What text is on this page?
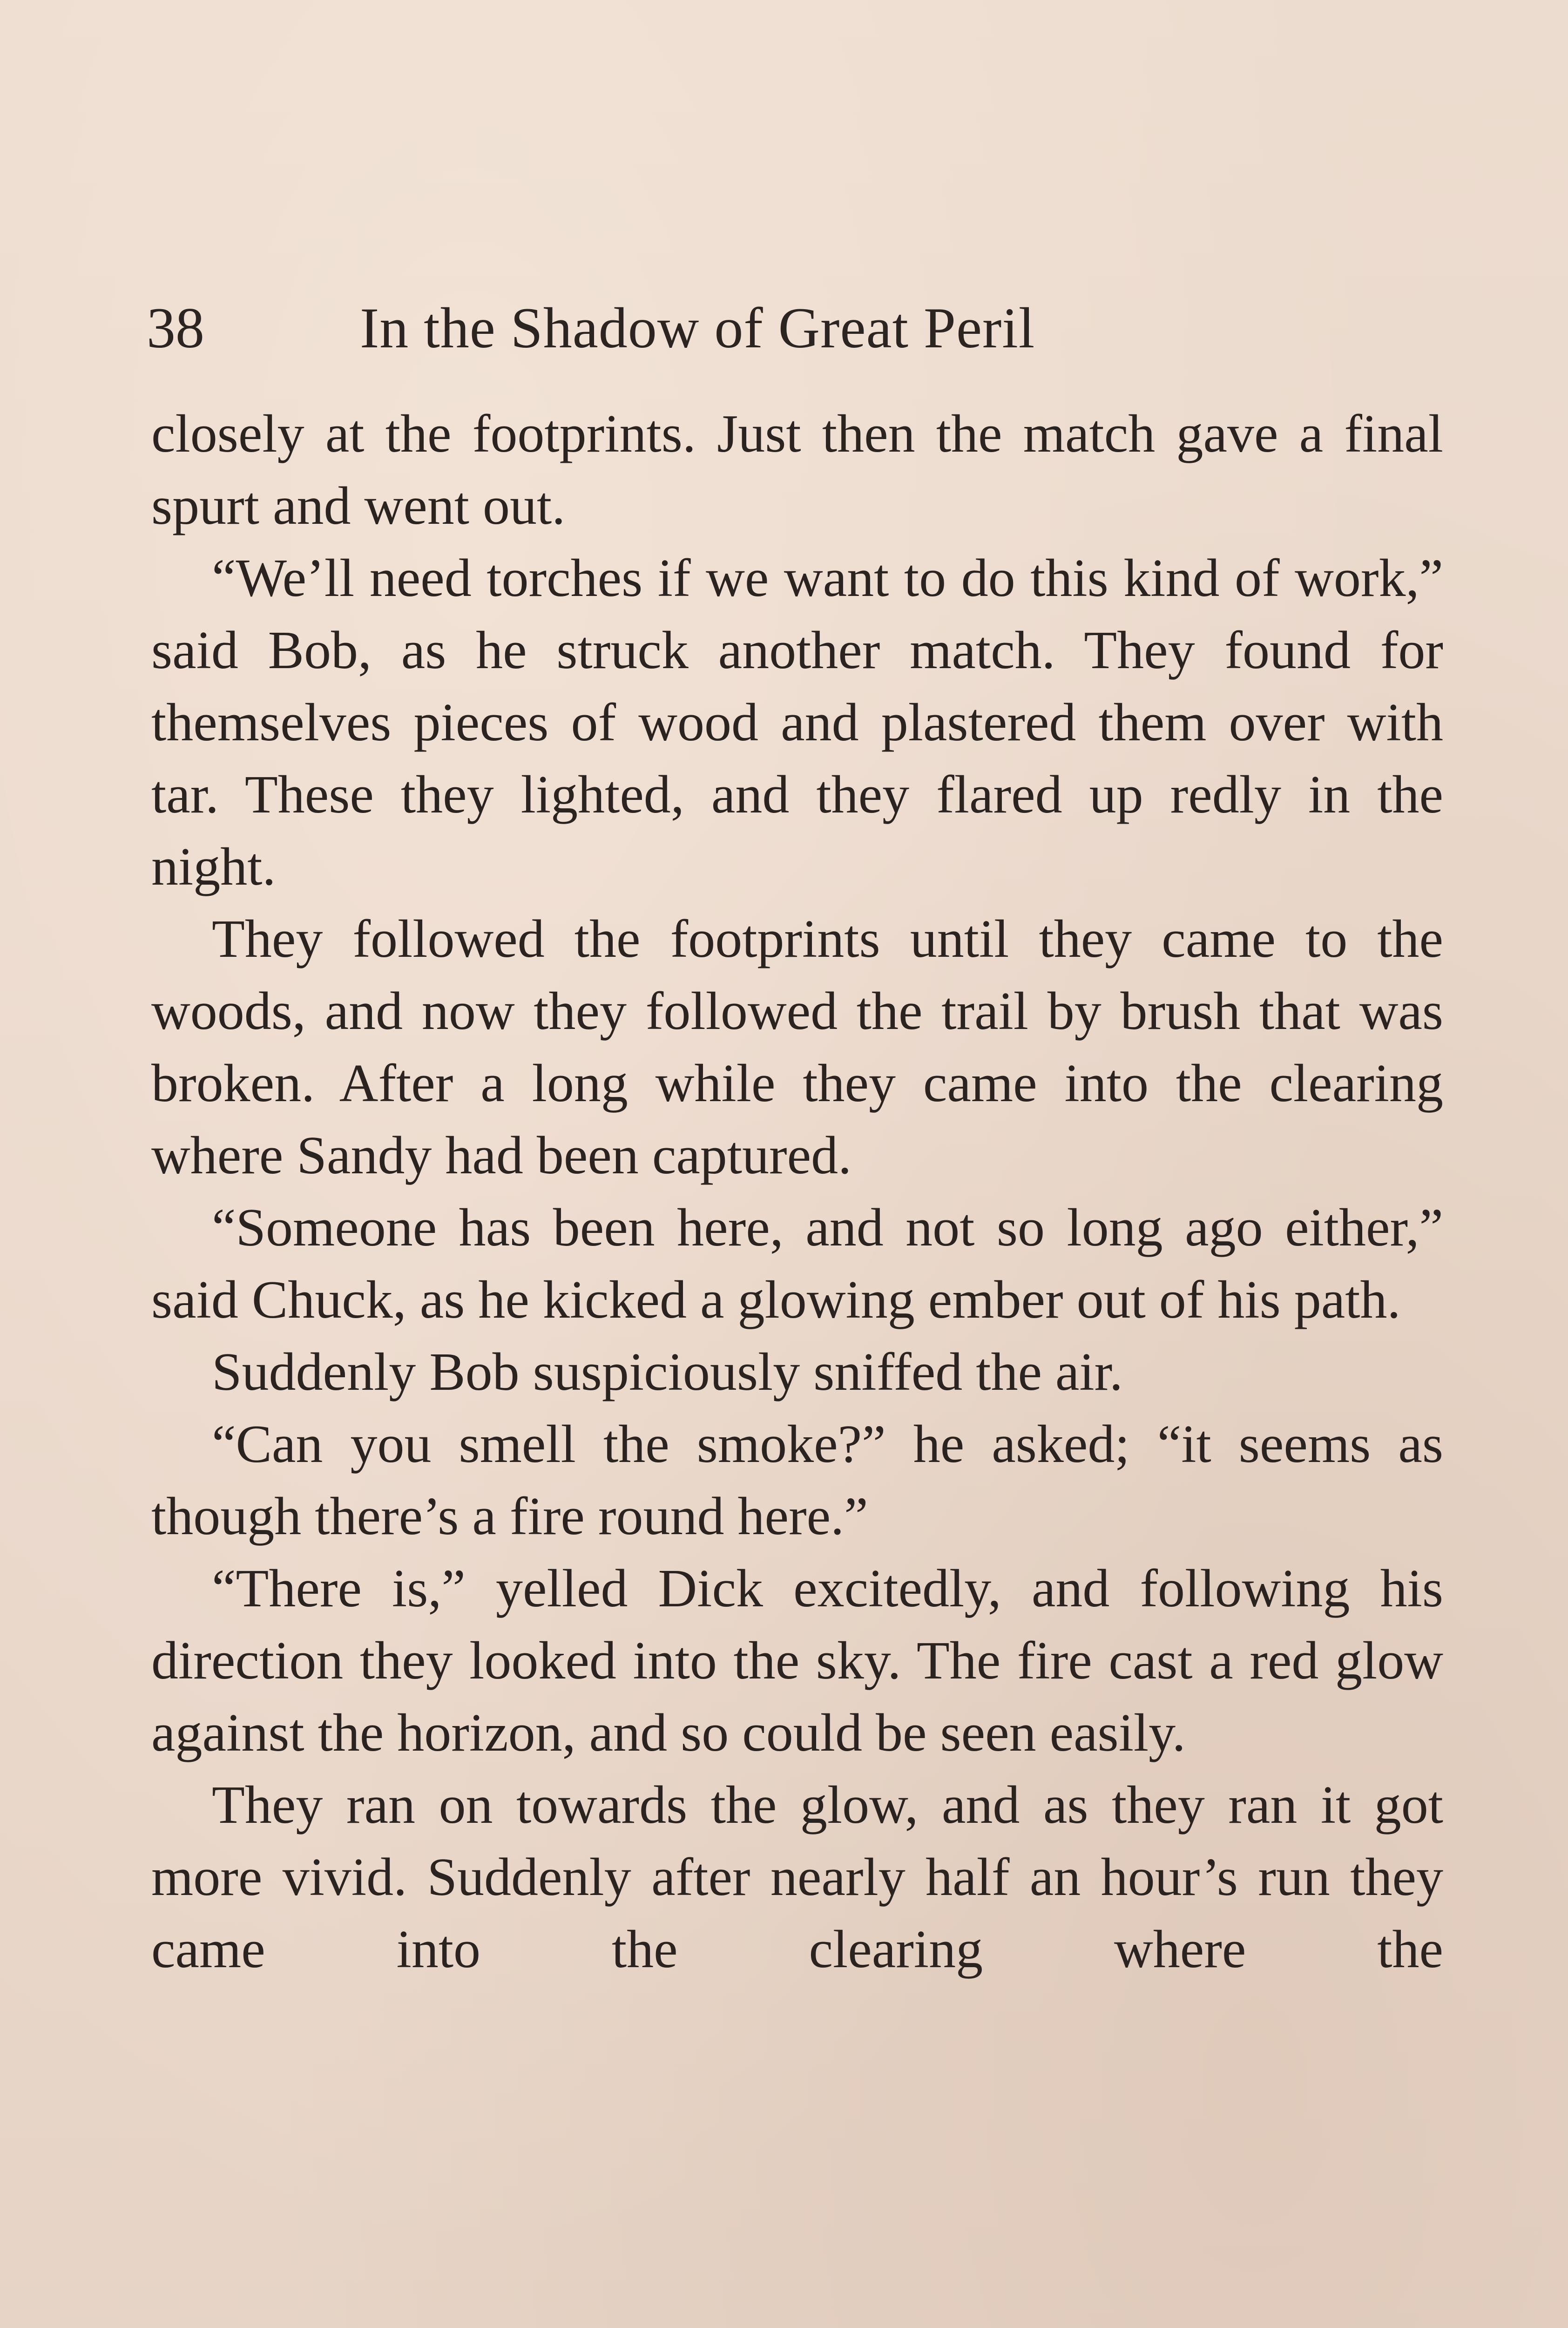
38	In the Shadow of Great Peril

closely at the footprints. Just then the match gave a final spurt and went out.

“We’ll need torches if we want to do this kind of work,” said Bob, as he struck another match. They found for themselves pieces of wood and plastered them over with tar. These they lighted, and they flared up redly in the night.

They followed the footprints until they came to the woods, and now they followed the trail by brush that was broken. After a long while they came into the clearing where Sandy had been captured.

“Someone has been here, and not so long ago either,” said Chuck, as he kicked a glowing ember out of his path.

Suddenly Bob suspiciously sniffed the air.

“Can you smell the smoke?” he asked; “it seems as though there’s a fire round here.”

“There is,” yelled Dick excitedly, and following his direction they looked into the sky. The fire cast a red glow against the horizon, and so could be seen easily.

They ran on towards the glow, and as they ran it got more vivid. Suddenly after nearly half an hour’s run they came into the clearing where the
